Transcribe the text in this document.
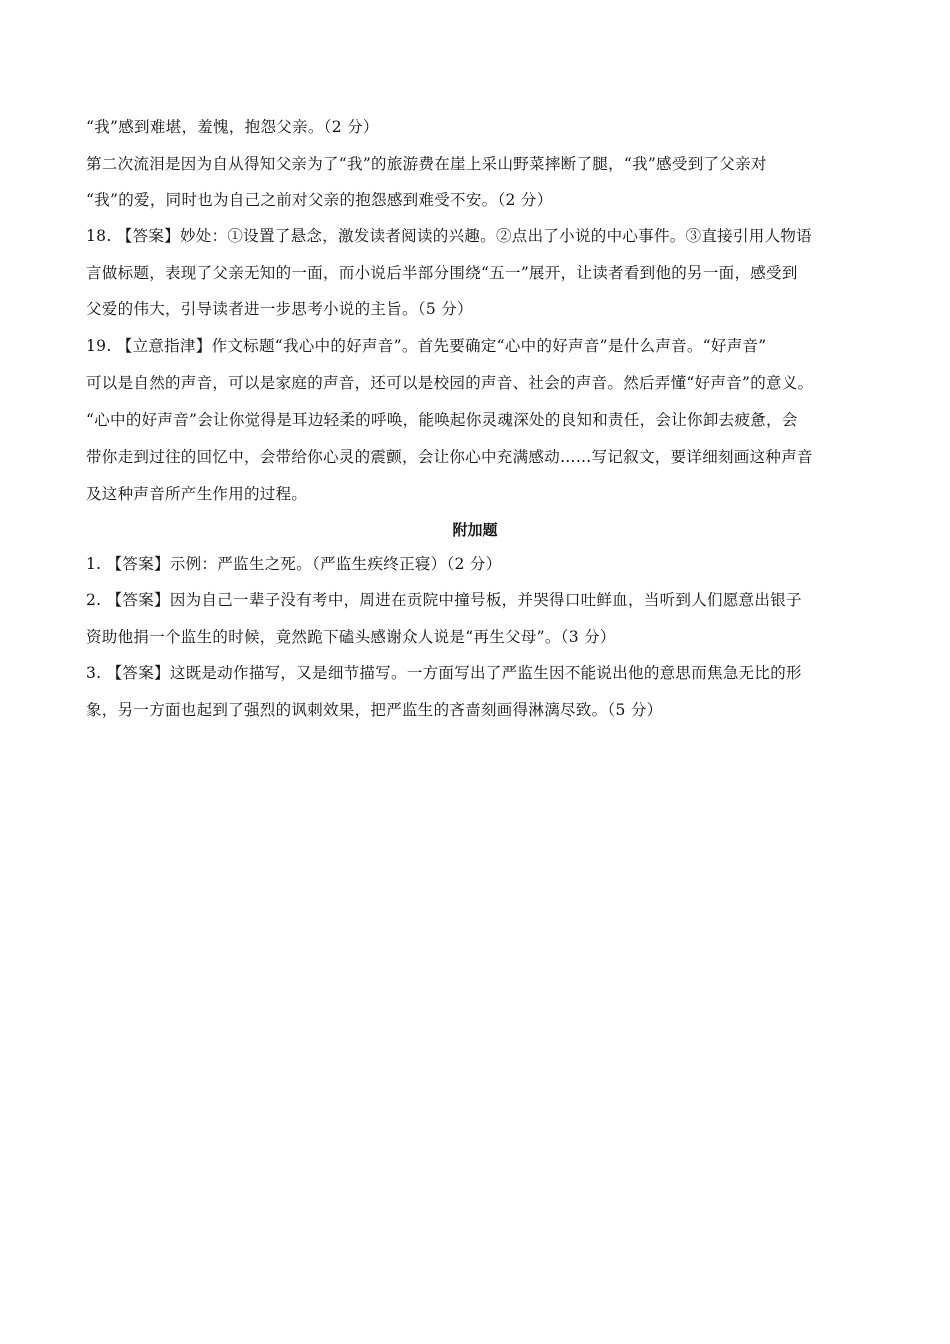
“我”感到难堪，羞愧，抱怨父亲。（2 分）
第二次流泪是因为自从得知父亲为了“我”的旅游费在崖上采山野菜摔断了腿，“我”感受到了父亲对
“我”的爱，同时也为自己之前对父亲的抱怨感到难受不安。（2 分）
18. 【答案】妙处：①设置了悬念，激发读者阅读的兴趣。②点出了小说的中心事件。③直接引用人物语
言做标题，表现了父亲无知的一面，而小说后半部分围绕“五一”展开，让读者看到他的另一面，感受到
父爱的伟大，引导读者进一步思考小说的主旨。（5 分）
19. 【立意指津】作文标题“我心中的好声音”。首先要确定“心中的好声音”是什么声音。“好声音”
可以是自然的声音，可以是家庭的声音，还可以是校园的声音、社会的声音。然后弄懂“好声音”的意义。
“心中的好声音”会让你觉得是耳边轻柔的呼唤，能唤起你灵魂深处的良知和责任，会让你卸去疲惫，会
带你走到过往的回忆中，会带给你心灵的震颤，会让你心中充满感动……写记叙文，要详细刻画这种声音
及这种声音所产生作用的过程。
附加题
1. 【答案】示例：严监生之死。（严监生疾终正寝）（2 分）
2. 【答案】因为自己一辈子没有考中，周进在贡院中撞号板，并哭得口吐鲜血，当听到人们愿意出银子
资助他捐一个监生的时候，竟然跪下磕头感谢众人说是“再生父母”。（3 分）
3. 【答案】这既是动作描写，又是细节描写。一方面写出了严监生因不能说出他的意思而焦急无比的形
象，另一方面也起到了强烈的讽刺效果，把严监生的吝啬刻画得淋漓尽致。（5 分）
